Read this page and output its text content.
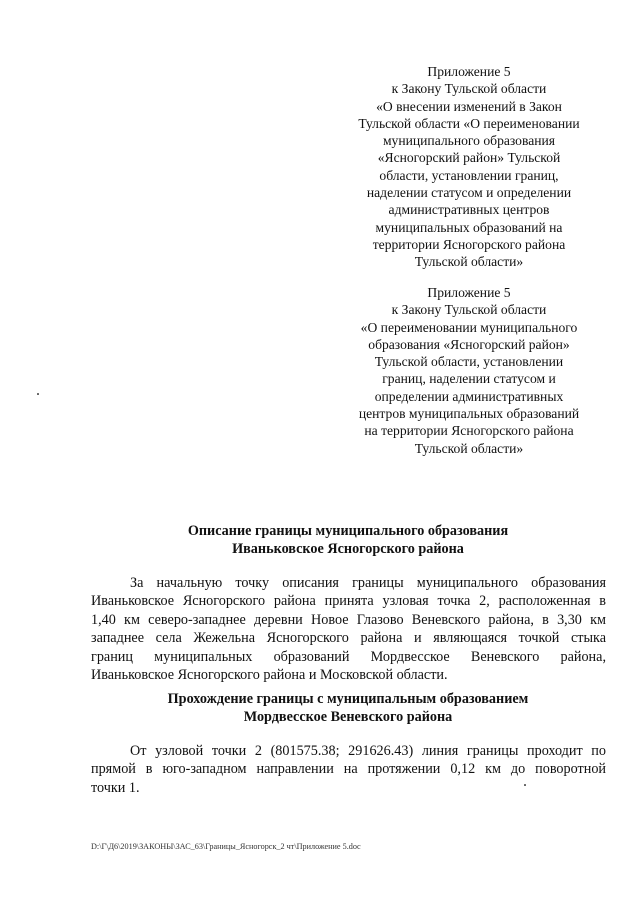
Приложение 5
к Закону Тульской области
«О внесении изменений в Закон
Тульской области «О переименовании
муниципального образования
«Ясногорский район» Тульской
области, установлении границ,
наделении статусом и определении
административных центров
муниципальных образований на
территории Ясногорского района
Тульской области»
Приложение 5
к Закону Тульской области
«О переименовании муниципального
образования «Ясногорский район»
Тульской области, установлении
границ, наделении статусом и
определении административных
центров муниципальных образований
на территории Ясногорского района
Тульской области»
Описание границы муниципального образования
Иваньковское Ясногорского района
За начальную точку описания границы муниципального образования
Иваньковское Ясногорского района принята узловая точка 2, расположенная в
1,40 км северо-западнее деревни Новое Глазово Веневского района, в 3,30 км
западнее села Жежельна Ясногорского района и являющаяся точкой стыка
границ муниципальных образований Мордвесское Веневского района,
Иваньковское Ясногорского района и Московской области.
Прохождение границы с муниципальным образованием
Мордвесское Веневского района
От узловой точки 2 (801575.38; 291626.43) линия границы проходит по
прямой в юго-западном направлении на протяжении 0,12 км до поворотной
точки 1.
D:\Г\Д6\2019\ЗАКОНЫ\ЗАС_63\Границы_Ясногорск_2 чт\Приложение 5.doc
